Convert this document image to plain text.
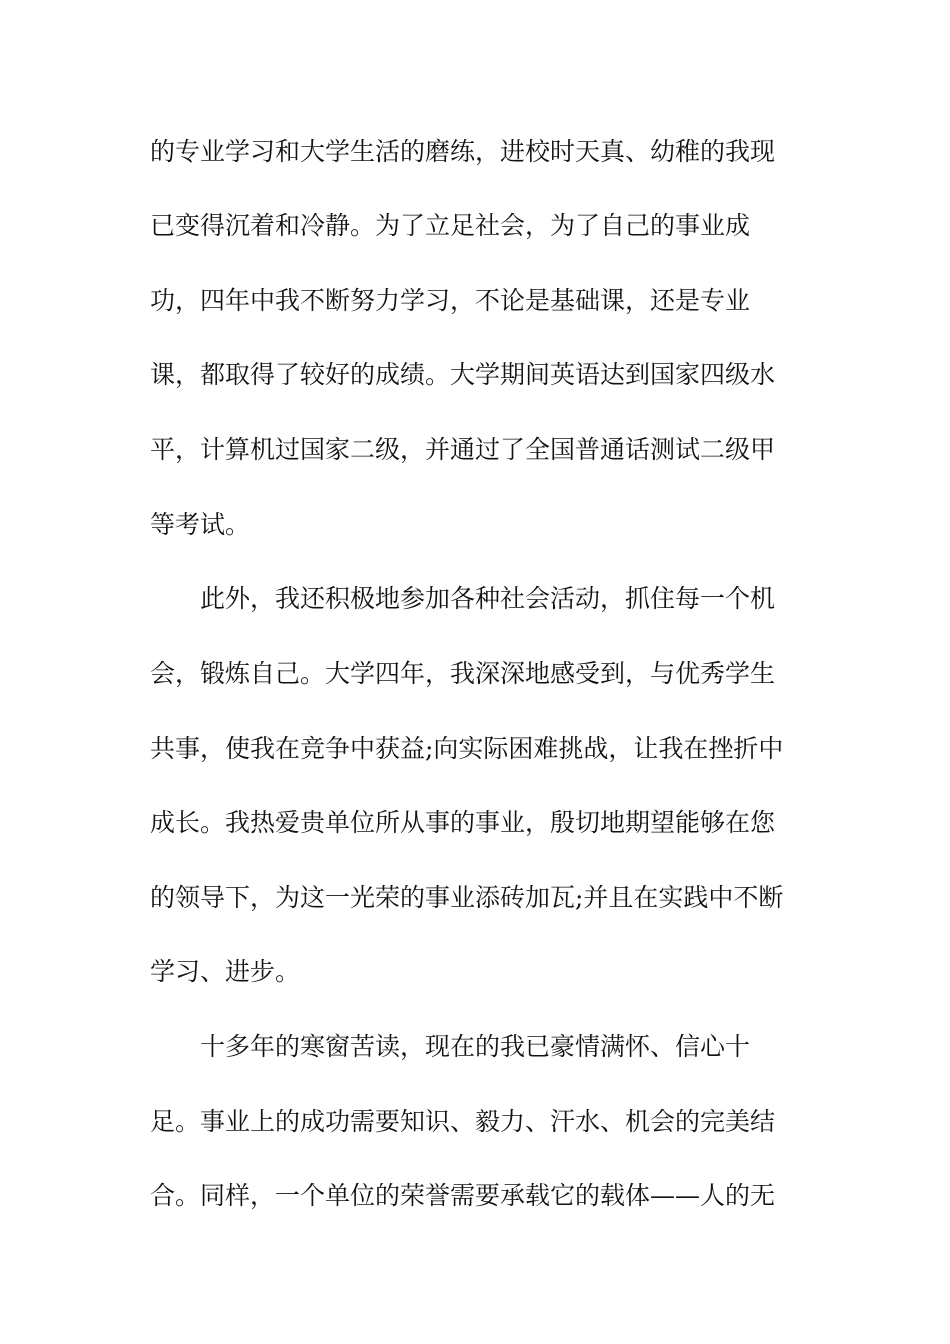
的专业学习和大学生活的磨练，进校时天真、幼稚的我现
已变得沉着和冷静。为了立足社会，为了自己的事业成
功，四年中我不断努力学习，不论是基础课，还是专业
课，都取得了较好的成绩。大学期间英语达到国家四级水
平，计算机过国家二级，并通过了全国普通话测试二级甲
等考试。
此外，我还积极地参加各种社会活动，抓住每一个机
会，锻炼自己。大学四年，我深深地感受到，与优秀学生
共事，使我在竞争中获益;向实际困难挑战，让我在挫折中
成长。我热爱贵单位所从事的事业，殷切地期望能够在您
的领导下，为这一光荣的事业添砖加瓦;并且在实践中不断
学习、进步。
十多年的寒窗苦读，现在的我已豪情满怀、信心十
足。事业上的成功需要知识、毅力、汗水、机会的完美结
合。同样，一个单位的荣誉需要承载它的载体——人的无
